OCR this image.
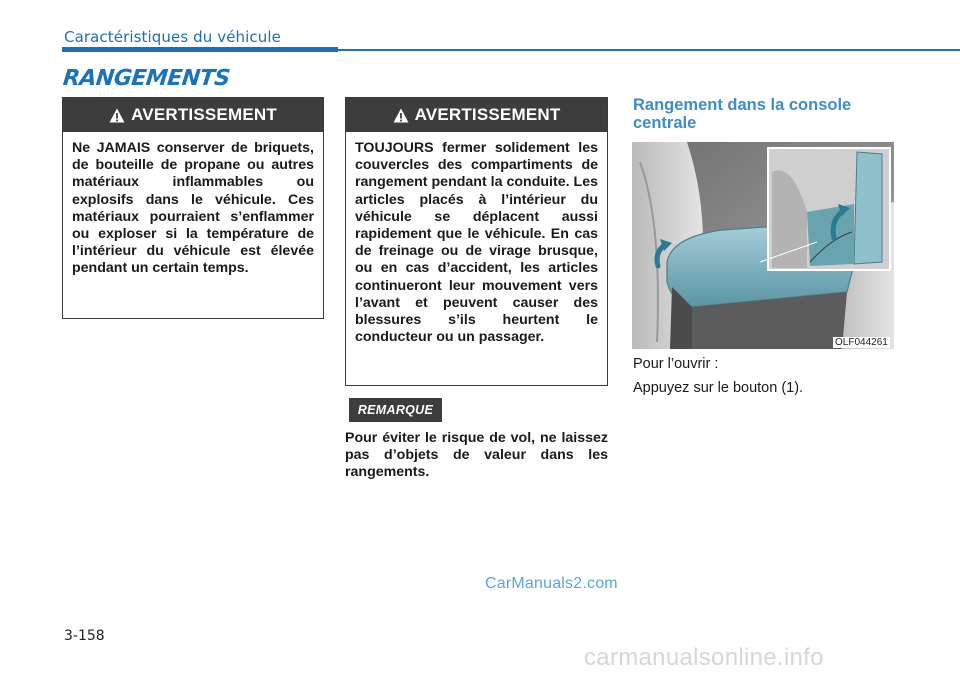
Caractéristiques du véhicule
RANGEMENTS
AVERTISSEMENT
Ne JAMAIS conserver de briquets, de bouteille de propane ou autres matériaux inflammables ou explosifs dans le véhicule. Ces matériaux pourraient s’enflammer ou exploser si la température de l’intérieur du véhicule est élevée pendant un certain temps.
AVERTISSEMENT
TOUJOURS fermer solidement les couvercles des compartiments de rangement pendant la conduite. Les articles placés à l’intérieur du véhicule se déplacent aussi rapidement que le véhicule. En cas de freinage ou de virage brusque, ou en cas d’accident, les articles continueront leur mouvement vers l’avant et peuvent causer des blessures s’ils heurtent le conducteur ou un passager.
REMARQUE
Pour éviter le risque de vol, ne laissez pas d’objets de valeur dans les rangements.
Rangement dans la console centrale
OLF044261
Pour l’ouvrir :
Appuyez sur le bouton (1).
CarManuals2.com
3-158
carmanualsonline.info
